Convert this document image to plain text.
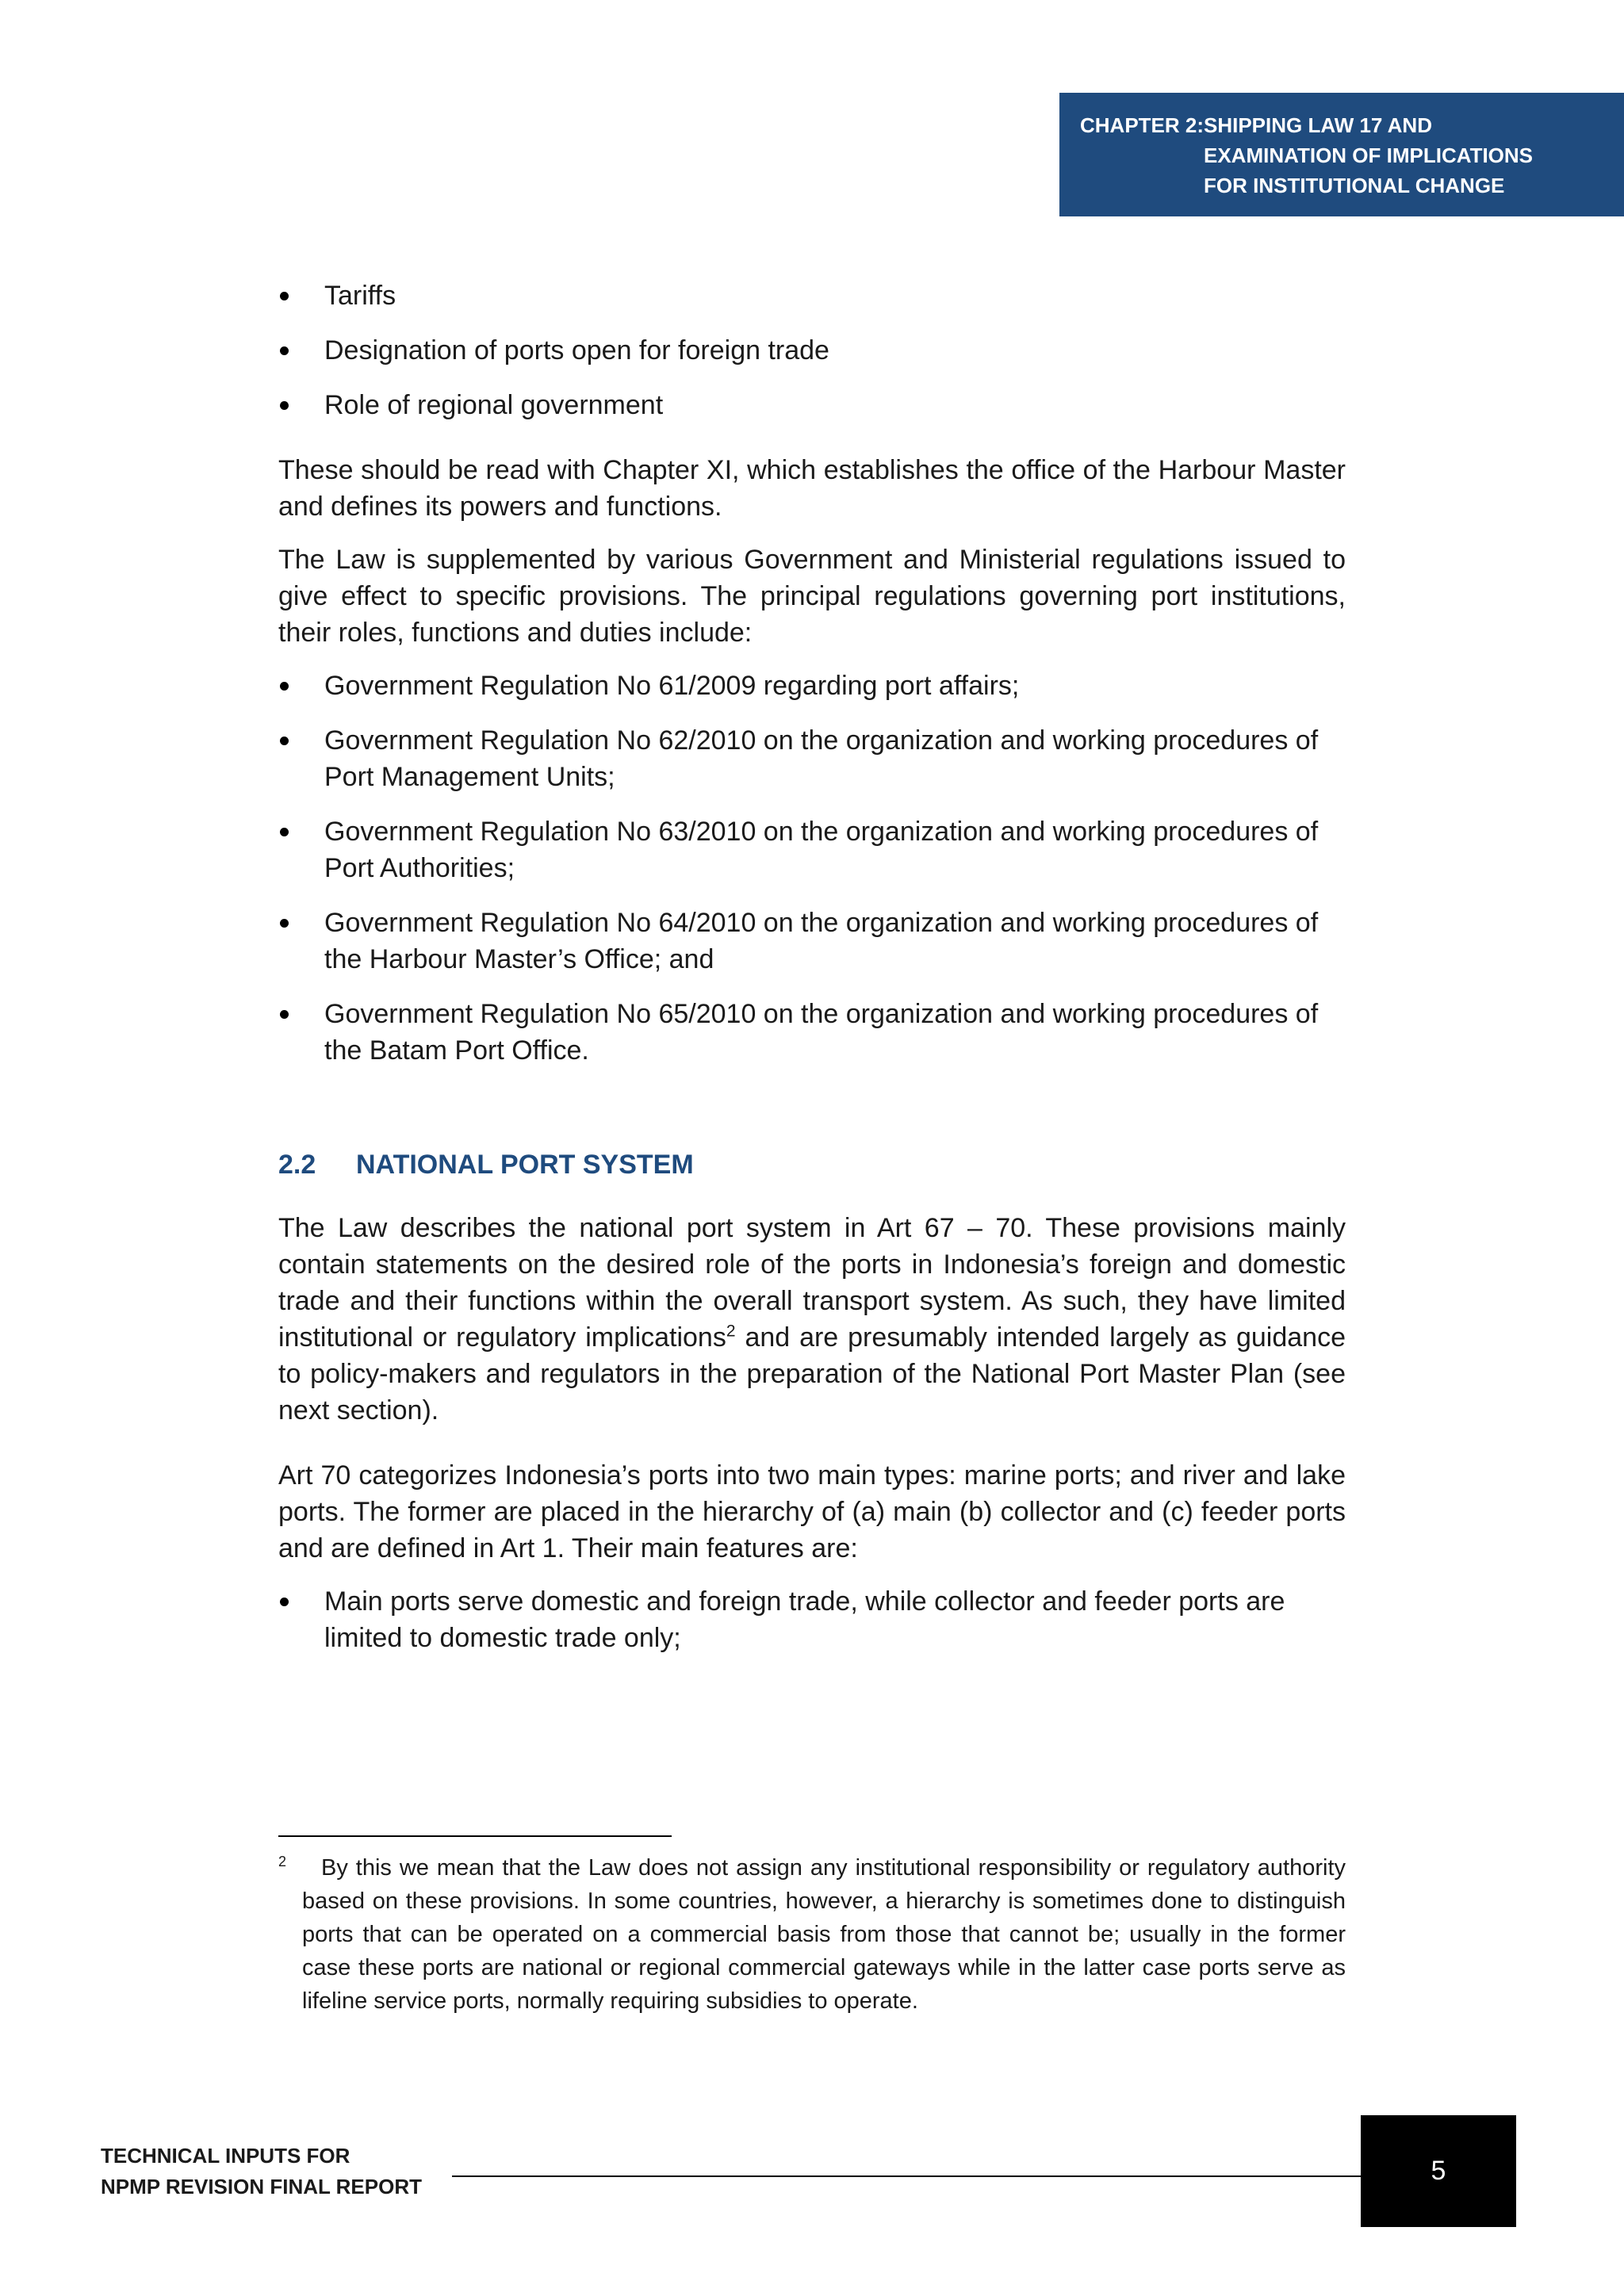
CHAPTER 2: SHIPPING LAW 17 AND
EXAMINATION OF IMPLICATIONS
FOR INSTITUTIONAL CHANGE
Tariffs
Designation of ports open for foreign trade
Role of regional government

These should be read with Chapter XI, which establishes the office of the Harbour Master and defines its powers and functions.

The Law is supplemented by various Government and Ministerial regulations issued to give effect to specific provisions. The principal regulations governing port institutions, their roles, functions and duties include:

Government Regulation No 61/2009 regarding port affairs;
Government Regulation No 62/2010 on the organization and working procedures of Port Management Units;
Government Regulation No 63/2010 on the organization and working procedures of Port Authorities;
Government Regulation No 64/2010 on the organization and working procedures of the Harbour Master’s Office; and
Government Regulation No 65/2010 on the organization and working procedures of the Batam Port Office.
2.2	NATIONAL PORT SYSTEM

The Law describes the national port system in Art 67 – 70. These provisions mainly contain statements on the desired role of the ports in Indonesia’s foreign and domestic trade and their functions within the overall transport system. As such, they have limited institutional or regulatory implications$^2$ and are presumably intended largely as guidance to policy-makers and regulators in the preparation of the National Port Master Plan (see next section).

Art 70 categorizes Indonesia’s ports into two main types: marine ports; and river and lake ports. The former are placed in the hierarchy of (a) main (b) collector and (c) feeder ports and are defined in Art 1. Their main features are:

Main ports serve domestic and foreign trade, while collector and feeder ports are limited to domestic trade only;
$^2$	By this we mean that the Law does not assign any institutional responsibility or regulatory authority based on these provisions. In some countries, however, a hierarchy is sometimes done to distinguish ports that can be operated on a commercial basis from those that cannot be; usually in the former case these ports are national or regional commercial gateways while in the latter case ports serve as lifeline service ports, normally requiring subsidies to operate.
TECHNICAL INPUTS FOR
NPMP REVISION FINAL REPORT
5
